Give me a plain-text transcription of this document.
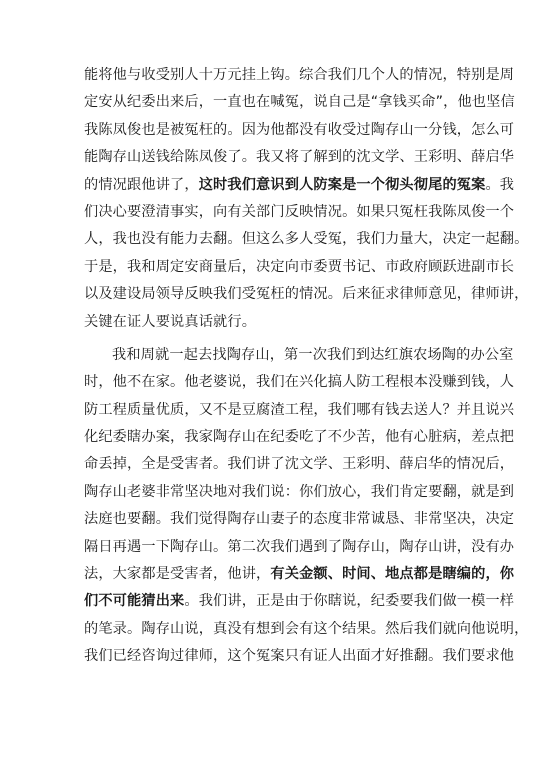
能将他与收受别人十万元挂上钩。综合我们几个人的情况，特别是周
定安从纪委出来后，一直也在喊冤，说自己是“拿钱买命”，他也坚信
我陈凤俊也是被冤枉的。因为他都没有收受过陶存山一分钱，怎么可
能陶存山送钱给陈凤俊了。我又将了解到的沈文学、王彩明、薛启华
的情况跟他讲了，这时我们意识到人防案是一个彻头彻尾的冤案。我
们决心要澄清事实，向有关部门反映情况。如果只冤枉我陈凤俊一个
人，我也没有能力去翻。但这么多人受冤，我们力量大，决定一起翻。
于是，我和周定安商量后，决定向市委贾书记、市政府顾跃进副市长
以及建设局领导反映我们受冤枉的情况。后来征求律师意见，律师讲，
关键在证人要说真话就行。
我和周就一起去找陶存山，第一次我们到达红旗农场陶的办公室
时，他不在家。他老婆说，我们在兴化搞人防工程根本没赚到钱，人
防工程质量优质，又不是豆腐渣工程，我们哪有钱去送人？并且说兴
化纪委瞎办案，我家陶存山在纪委吃了不少苦，他有心脏病，差点把
命丢掉，全是受害者。我们讲了沈文学、王彩明、薛启华的情况后，
陶存山老婆非常坚决地对我们说：你们放心，我们肯定要翻，就是到
法庭也要翻。我们觉得陶存山妻子的态度非常诚恳、非常坚决，决定
隔日再遇一下陶存山。第二次我们遇到了陶存山，陶存山讲，没有办
法，大家都是受害者，他讲，有关金额、时间、地点都是瞎编的，你
们不可能猜出来。我们讲，正是由于你瞎说，纪委要我们做一模一样
的笔录。陶存山说，真没有想到会有这个结果。然后我们就向他说明，
我们已经咨询过律师，这个冤案只有证人出面才好推翻。我们要求他
